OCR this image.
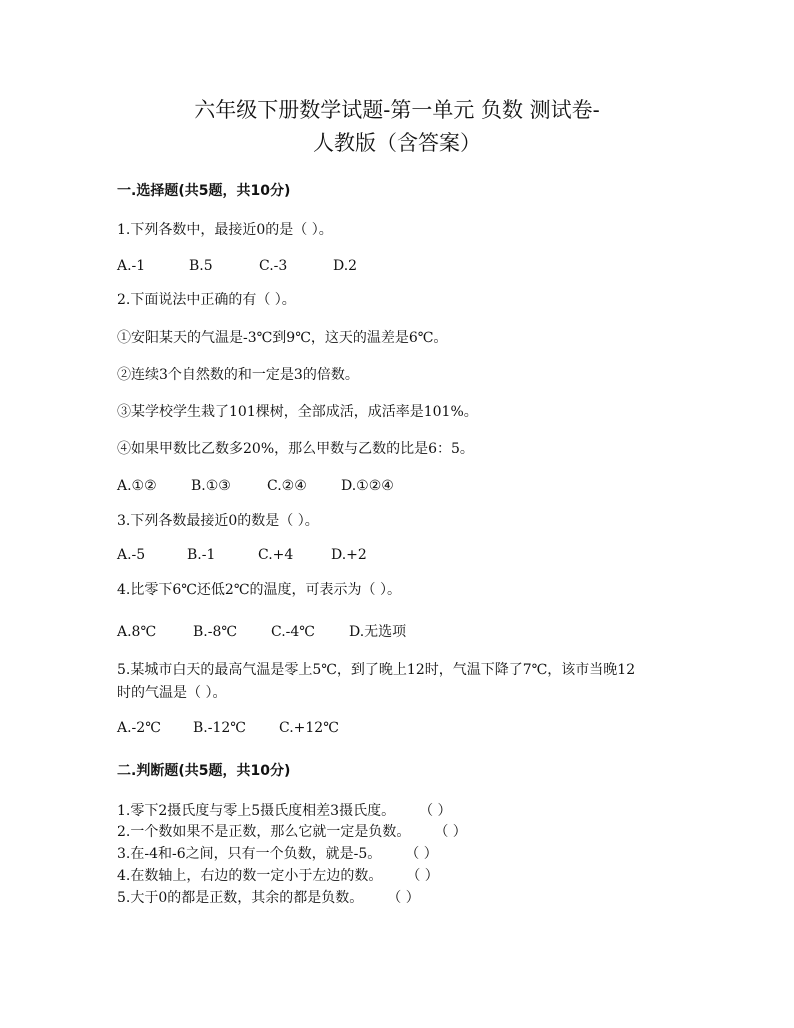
六年级下册数学试题-第一单元 负数 测试卷-
人教版（含答案）
一.选择题(共5题，共10分)
1.下列各数中，最接近0的是（ ）。
A.-1	B.5	C.-3	D.2
2.下面说法中正确的有（ ）。
①安阳某天的气温是-3℃到9℃，这天的温差是6℃。
②连续3个自然数的和一定是3的倍数。
③某学校学生栽了101棵树，全部成活，成活率是101%。
④如果甲数比乙数多20%，那么甲数与乙数的比是6：5。
A.①② B.①③	C.②④ D.①②④
3.下列各数最接近0的数是（ ）。
A.-5	B.-1	C.+4	D.+2
4.比零下6℃还低2℃的温度，可表示为（ ）。
A.8℃	B.-8℃ C.-4℃ D.无选项
5.某城市白天的最高气温是零上5℃，到了晚上12时，气温下降了7℃，该市当晚12
时的气温是（ ）。
A.-2℃ B.-12℃ C.+12℃
二.判断题(共5题，共10分)
1.零下2摄氏度与零上5摄氏度相差3摄氏度。 （ ）
2.一个数如果不是正数，那么它就一定是负数。 （ ）
3.在-4和-6之间，只有一个负数，就是-5。 （ ）
4.在数轴上，右边的数一定小于左边的数。 （ ）
5.大于0的都是正数，其余的都是负数。 （ ）
